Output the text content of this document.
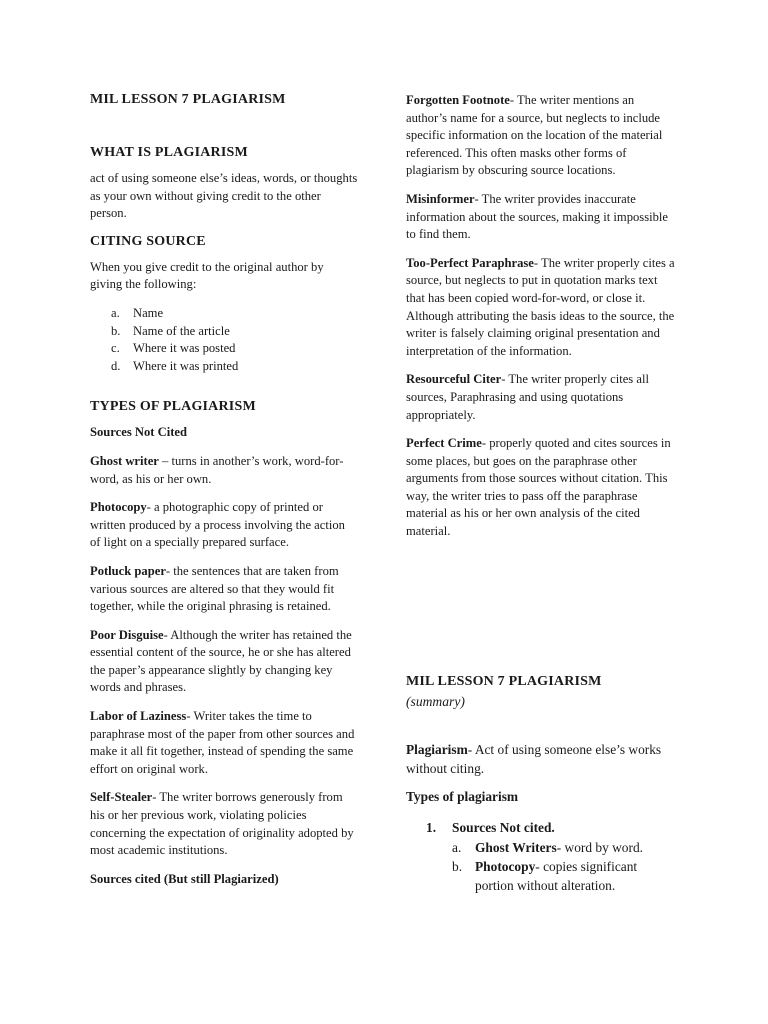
MIL LESSON 7 PLAGIARISM
WHAT IS PLAGIARISM

act of using someone else’s ideas, words, or thoughts as your own without giving credit to the other person.

CITING SOURCE

When you give credit to the original author by giving the following:

a.	Name
b. Name of the article
c.	Where it was posted
d. Where it was printed
TYPES OF PLAGIARISM

Sources Not Cited

Ghost writer – turns in another’s work, word-for-word, as his or her own.

Photocopy- a photographic copy of printed or written produced by a process involving the action of light on a specially prepared surface.

Potluck paper- the sentences that are taken from various sources are altered so that they would fit together, while the original phrasing is retained.

Poor Disguise- Although the writer has retained the essential content of the source, he or she has altered the paper’s appearance slightly by changing key words and phrases.

Labor of Laziness- Writer takes the time to paraphrase most of the paper from other sources and make it all fit together, instead of spending the same effort on original work.

Self-Stealer- The writer borrows generously from his or her previous work, violating policies concerning the expectation of originality adopted by most academic institutions.

Sources cited (But still Plagiarized)

Forgotten Footnote- The writer mentions an author’s name for a source, but neglects to include specific information on the location of the material referenced. This often masks other forms of plagiarism by obscuring source locations.

Misinformer- The writer provides inaccurate information about the sources, making it impossible to find them.

Too-Perfect Paraphrase- The writer properly cites a source, but neglects to put in quotation marks text that has been copied word-for-word, or close it. Although attributing the basis ideas to the source, the writer is falsely claiming original presentation and interpretation of the information.

Resourceful Citer- The writer properly cites all sources, Paraphrasing and using quotations appropriately.

Perfect Crime- properly quoted and cites sources in some places, but goes on the paraphrase other arguments from those sources without citation. This way, the writer tries to pass off the paraphrase material as his or her own analysis of the cited material.

MIL LESSON 7 PLAGIARISM

(summary)

Plagiarism- Act of using someone else’s works without citing.

Types of plagiarism

1.	Sources Not cited.
a.	Ghost Writers- word by word.
b. Photocopy- copies significant portion without alteration.
